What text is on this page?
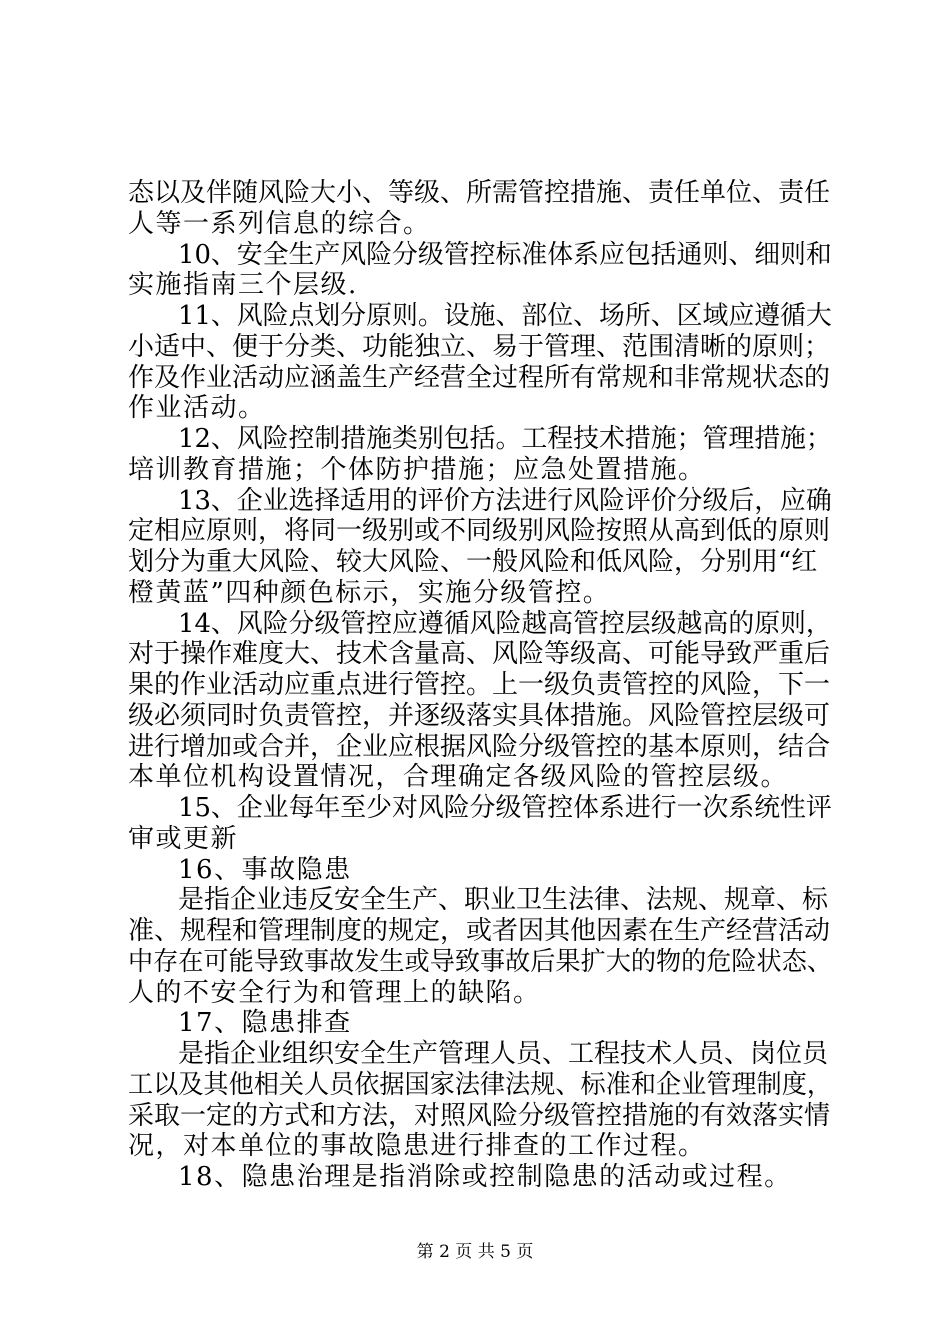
态以及伴随风险大小、等级、所需管控措施、责任单位、责任
人等一系列信息的综合。
10、安全生产风险分级管控标准体系应包括通则、细则和
实施指南三个层级.
11、风险点划分原则。设施、部位、场所、区域应遵循大
小适中、便于分类、功能独立、易于管理、范围清晰的原则；
作及作业活动应涵盖生产经营全过程所有常规和非常规状态的
作业活动。
12、风险控制措施类别包括。工程技术措施；管理措施；
培训教育措施；个体防护措施；应急处置措施。
13、企业选择适用的评价方法进行风险评价分级后，应确
定相应原则，将同一级别或不同级别风险按照从高到低的原则
划分为重大风险、较大风险、一般风险和低风险，分别用“红
橙黄蓝”四种颜色标示，实施分级管控。
14、风险分级管控应遵循风险越高管控层级越高的原则，
对于操作难度大、技术含量高、风险等级高、可能导致严重后
果的作业活动应重点进行管控。上一级负责管控的风险，下一
级必须同时负责管控，并逐级落实具体措施。风险管控层级可
进行增加或合并，企业应根据风险分级管控的基本原则，结合
本单位机构设置情况，合理确定各级风险的管控层级。
15、企业每年至少对风险分级管控体系进行一次系统性评
审或更新
16、事故隐患
是指企业违反安全生产、职业卫生法律、法规、规章、标
准、规程和管理制度的规定，或者因其他因素在生产经营活动
中存在可能导致事故发生或导致事故后果扩大的物的危险状态、
人的不安全行为和管理上的缺陷。
17、隐患排查
是指企业组织安全生产管理人员、工程技术人员、岗位员
工以及其他相关人员依据国家法律法规、标准和企业管理制度，
采取一定的方式和方法，对照风险分级管控措施的有效落实情
况，对本单位的事故隐患进行排查的工作过程。
18、隐患治理是指消除或控制隐患的活动或过程。
第 2 页 共 5 页
